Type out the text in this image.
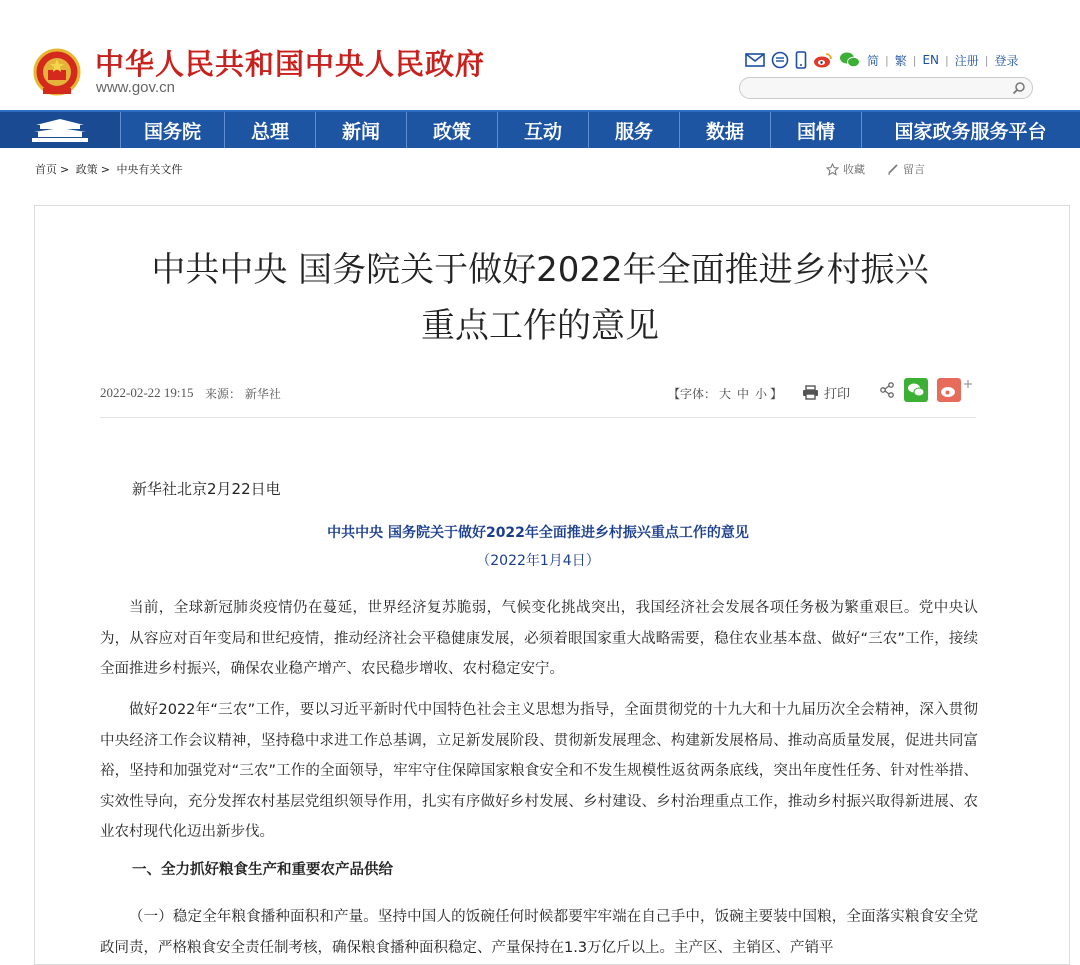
中华人民共和国中央人民政府
www.gov.cn
简 | 繁 | EN | 注册 | 登录
国务院	总理	新闻	政策	互动	服务	数据	国情	国家政务服务平台
首页 > 政策 > 中央有关文件	收藏	留言
中共中央 国务院关于做好2022年全面推进乡村振兴
重点工作的意见
2022-02-22 19:15 来源： 新华社	【字体： 大 中 小 】	打印
新华社北京2月22日电
中共中央 国务院关于做好2022年全面推进乡村振兴重点工作的意见
（2022年1月4日）
当前，全球新冠肺炎疫情仍在蔓延，世界经济复苏脆弱，气候变化挑战突出，我国经济社会发展各项任务极为繁重艰巨。党中央认为，从容应对百年变局和世纪疫情，推动经济社会平稳健康发展，必须着眼国家重大战略需要，稳住农业基本盘、做好“三农”工作，接续全面推进乡村振兴，确保农业稳产增产、农民稳步增收、农村稳定安宁。
做好2022年“三农”工作，要以习近平新时代中国特色社会主义思想为指导，全面贯彻党的十九大和十九届历次全会精神，深入贯彻中央经济工作会议精神，坚持稳中求进工作总基调，立足新发展阶段、贯彻新发展理念、构建新发展格局、推动高质量发展，促进共同富裕，坚持和加强党对“三农”工作的全面领导，牢牢守住保障国家粮食安全和不发生规模性返贫两条底线，突出年度性任务、针对性举措、实效性导向，充分发挥农村基层党组织领导作用，扎实有序做好乡村发展、乡村建设、乡村治理重点工作，推动乡村振兴取得新进展、农业农村现代化迈出新步伐。
一、全力抓好粮食生产和重要农产品供给
（一）稳定全年粮食播种面积和产量。坚持中国人的饭碗任何时候都要牢牢端在自己手中，饭碗主要装中国粮，全面落实粮食安全党政同责，严格粮食安全责任制考核，确保粮食播种面积稳定、产量保持在1.3万亿斤以上。主产区、主销区、产销平
